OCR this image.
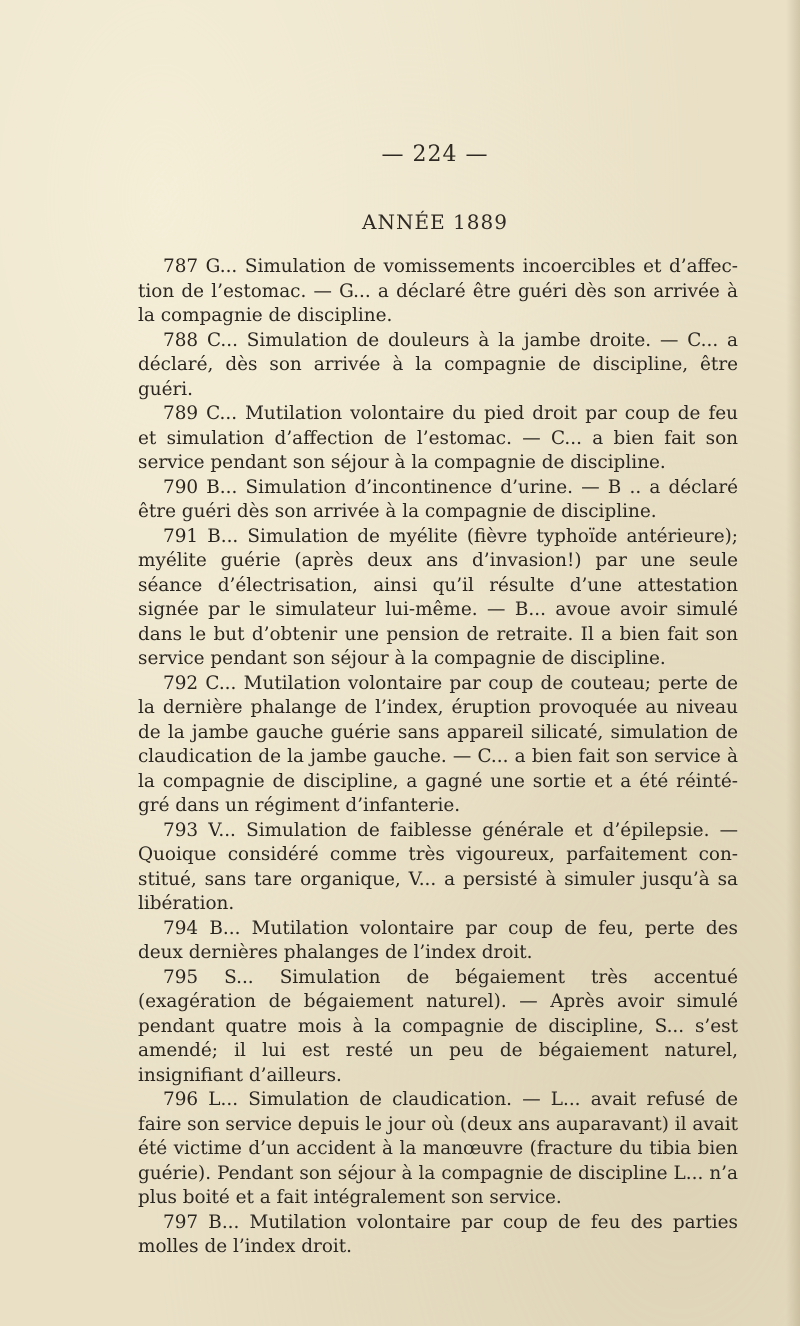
— 224 —
ANNÉE 1889

787 G... Simulation de vomissements incoercibles et d’affec- tion de l’estomac. — G... a déclaré être guéri dès son arrivée à la compagnie de discipline.

788 C... Simulation de douleurs à la jambe droite. — C... a déclaré, dès son arrivée à la compagnie de discipline, être guéri.

789 C... Mutilation volontaire du pied droit par coup de feu et simulation d’affection de l’estomac. — C... a bien fait son service pendant son séjour à la compagnie de discipline.

790 B... Simulation d’incontinence d’urine. — B .. a déclaré être guéri dès son arrivée à la compagnie de discipline.

791 B... Simulation de myélite (fièvre typhoïde antérieure); myélite guérie (après deux ans d’invasion!) par une seule séance d’électrisation, ainsi qu’il résulte d’une attestation signée par le simulateur lui-même. — B... avoue avoir simulé dans le but d’obtenir une pension de retraite. Il a bien fait son service pendant son séjour à la compagnie de discipline.

792 C... Mutilation volontaire par coup de couteau; perte de la dernière phalange de l’index, éruption provoquée au niveau de la jambe gauche guérie sans appareil silicaté, simulation de claudication de la jambe gauche. — C... a bien fait son service à la compagnie de discipline, a gagné une sortie et a été réinté- gré dans un régiment d’infanterie.

793 V... Simulation de faiblesse générale et d’épilepsie. — Quoique considéré comme très vigoureux, parfaitement con- stitué, sans tare organique, V... a persisté à simuler jusqu’à sa libération.

794 B... Mutilation volontaire par coup de feu, perte des deux dernières phalanges de l’index droit.

795 S... Simulation de bégaiement très accentué (exagération de bégaiement naturel). — Après avoir simulé pendant quatre mois à la compagnie de discipline, S... s’est amendé; il lui est resté un peu de bégaiement naturel, insignifiant d’ailleurs.

796 L... Simulation de claudication. — L... avait refusé de faire son service depuis le jour où (deux ans auparavant) il avait été victime d’un accident à la manœuvre (fracture du tibia bien guérie). Pendant son séjour à la compagnie de discipline L... n’a plus boité et a fait intégralement son service.

797 B... Mutilation volontaire par coup de feu des parties molles de l’index droit.
